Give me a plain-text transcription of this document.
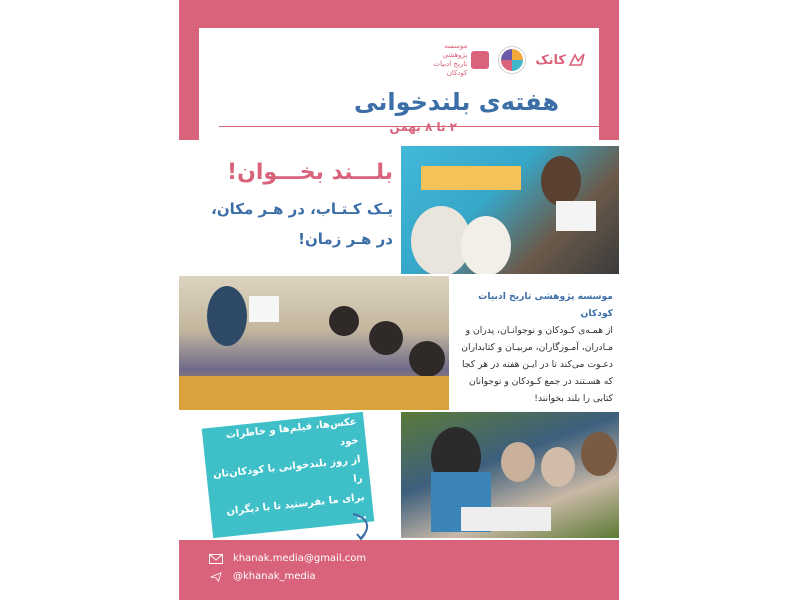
موسسه پژوهشی تاریخ ادبیات کودکان
کانک
هفته‌ی بلندخوانی
۲ تا ۸ بهمن
بلـــند بخـــوان!
یـک کـتـاب، در هـر مکان،
در هـر زمان!
موسسه پژوهشی تاریخ ادبیات کودکان
از همـه‌ی کـودکان و نوجوانـان، پدران و
مـادران، آمـوزگاران، مربیـان و کتابداران
دعـوت می‌کند تا در ایـن هفته در هر کجا
که هسـتند در جمع کـودکان و نوجوانان
کتابی را بلند بخوانند!
عکس‌ها، فیلم‌ها و خاطرات خود
از روز بلندخوانی با کودکان‌تان را
برای ما بفرستید تا با دیگران به
khanak.media@gmail.com
@khanak_media
